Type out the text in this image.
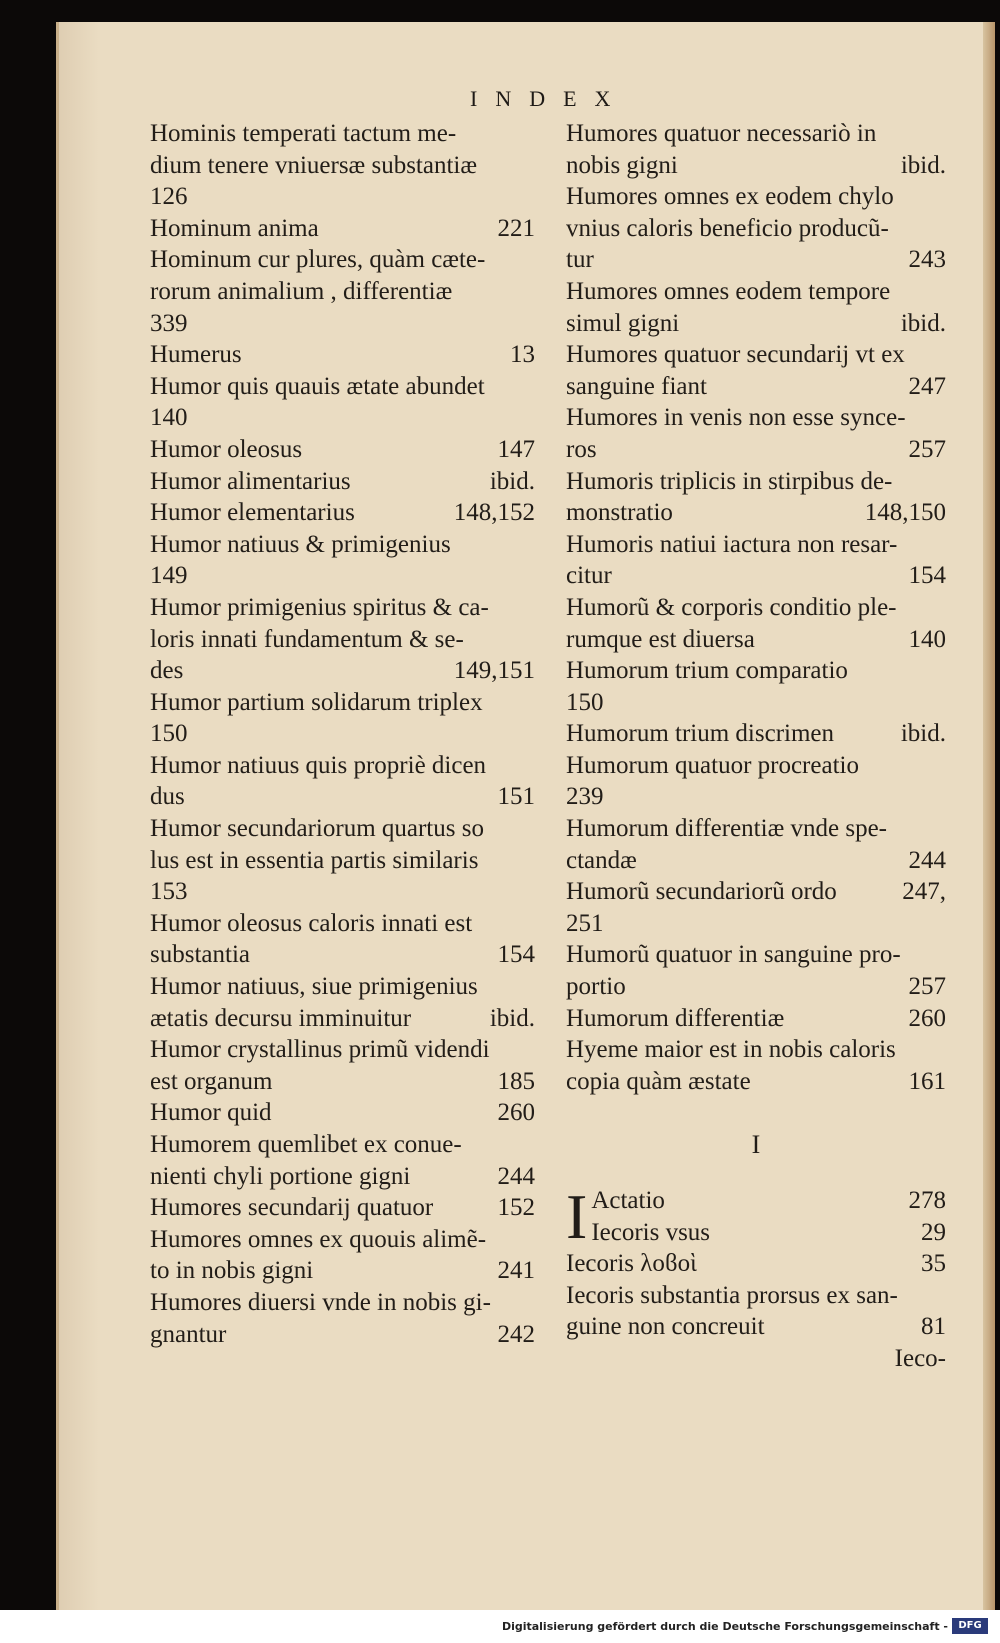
INDEX
Hominis temperati tactum me-
dium tenere vniuersæ substantiæ
126
Hominum anima	221
Hominum cur plures, quàm cæte-
rorum animalium , differentiæ
339
Humerus	13
Humor quis quauis ætate abundet
140
Humor oleosus	147
Humor alimentarius	ibid.
Humor elementarius	148,152
Humor natiuus & primigenius
149
Humor primigenius spiritus & ca-
loris innati fundamentum & se-
des	149,151
Humor partium solidarum triplex
150
Humor natiuus quis propriè dicen
dus	151
Humor secundariorum quartus so
lus est in essentia partis similaris
153
Humor oleosus caloris innati est
substantia	154
Humor natiuus, siue primigenius
ætatis decursu imminuitur	ibid.
Humor crystallinus primũ videndi
est organum	185
Humor quid	260
Humorem quemlibet ex conue-
nienti chyli portione gigni	244
Humores secundarij quatuor	152
Humores omnes ex quouis alimẽ-
to in nobis gigni	241
Humores diuersi vnde in nobis gi-
gnantur	242
Humores quatuor necessariò in
nobis gigni	ibid.
Humores omnes ex eodem chylo
vnius caloris beneficio producũ-
tur	243
Humores omnes eodem tempore
simul gigni	ibid.
Humores quatuor secundarij vt ex
sanguine fiant	247
Humores in venis non esse synce-
ros	257
Humoris triplicis in stirpibus de-
monstratio	148,150
Humoris natiui iactura non resar-
citur	154
Humorũ & corporis conditio ple-
rumque est diuersa	140
Humorum trium comparatio
150
Humorum trium discrimen	ibid.
Humorum quatuor procreatio
239
Humorum differentiæ vnde spe-
ctandæ	244
Humorũ secundariorũ ordo	247,
251
Humorũ quatuor in sanguine pro-
portio	257
Humorum differentiæ	260
Hyeme maior est in nobis caloris
copia quàm æstate	161
I
I Actatio	278
Iecoris vsus	29
Iecoris λοϐοὶ	35
Iecoris substantia prorsus ex san-
guine non concreuit	81
Ieco-
Digitalisierung gefördert durch die Deutsche Forschungsgemeinschaft -	DFG
